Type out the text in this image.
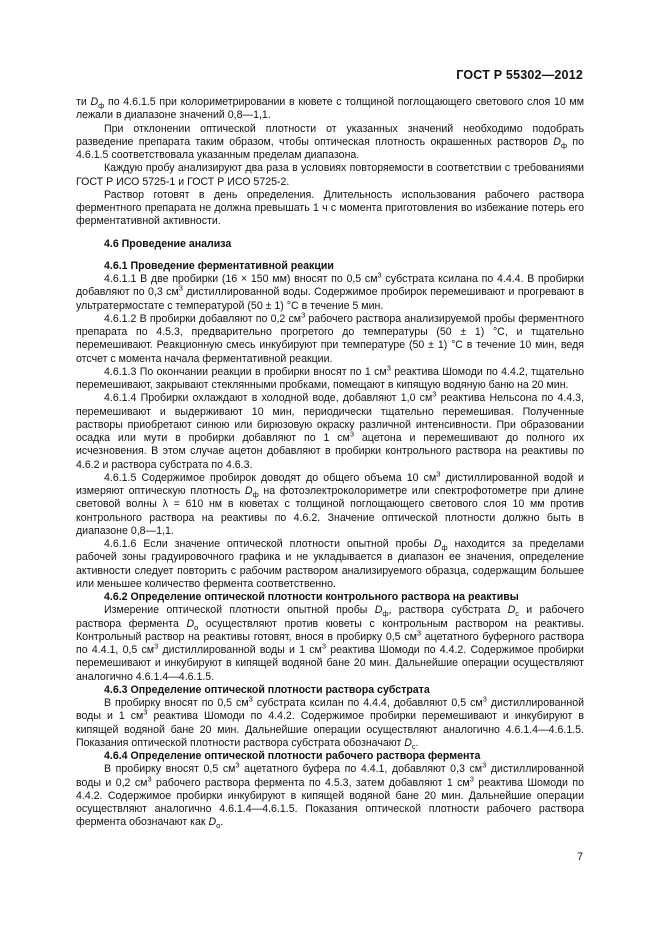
ГОСТ Р 55302—2012

ти $D_ф$ по 4.6.1.5 при колориметрировании в кювете с толщиной поглощающего светового слоя 10 мм лежали в диапазоне значений 0,8—1,1.

При отклонении оптической плотности от указанных значений необходимо подобрать разведение препарата таким образом, чтобы оптическая плотность окрашенных растворов $D_ф$ по 4.6.1.5 соответствовала указанным пределам диапазона.

Каждую пробу анализируют два раза в условиях повторяемости в соответствии с требованиями ГОСТ Р ИСО 5725-1 и ГОСТ Р ИСО 5725-2.

Раствор готовят в день определения. Длительность использования рабочего раствора ферментного препарата не должна превышать 1 ч с момента приготовления во избежание потерь его ферментативной активности.

4.6 Проведение анализа

4.6.1 Проведение ферментативной реакции

4.6.1.1 В две пробирки (16 × 150 мм) вносят по 0,5 $см^3$ субстрата ксилана по 4.4.4. В пробирки добавляют по 0,3 $см^3$ дистиллированной воды. Содержимое пробирок перемешивают и прогревают в ультратермостате с температурой (50 ± 1) °С в течение 5 мин.

4.6.1.2 В пробирки добавляют по 0,2 $см^3$ рабочего раствора анализируемой пробы ферментного препарата по 4.5.3, предварительно прогретого до температуры (50 ± 1) °С, и тщательно перемешивают. Реакционную смесь инкубируют при температуре (50 ± 1) °С в течение 10 мин, ведя отсчет с момента начала ферментативной реакции.

4.6.1.3 По окончании реакции в пробирки вносят по 1 $см^3$ реактива Шомоди по 4.4.2, тщательно перемешивают, закрывают стеклянными пробками, помещают в кипящую водяную баню на 20 мин.

4.6.1.4 Пробирки охлаждают в холодной воде, добавляют 1,0 $см^3$ реактива Нельсона по 4.4.3, перемешивают и выдерживают 10 мин, периодически тщательно перемешивая. Полученные растворы приобретают синюю или бирюзовую окраску различной интенсивности. При образовании осадка или мути в пробирки добавляют по 1 $см^3$ ацетона и перемешивают до полного их исчезновения. В этом случае ацетон добавляют в пробирки контрольного раствора на реактивы по 4.6.2 и раствора субстрата по 4.6.3.

4.6.1.5 Содержимое пробирок доводят до общего объема 10 $см^3$ дистиллированной водой и измеряют оптическую плотность $D_ф$ на фотоэлектроколориметре или спектрофотометре при длине световой волны λ = 610 нм в кюветах с толщиной поглощающего светового слоя 10 мм против контрольного раствора на реактивы по 4.6.2. Значение оптической плотности должно быть в диапазоне 0,8—1,1.

4.6.1.6 Если значение оптической плотности опытной пробы $D_ф$ находится за пределами рабочей зоны градуировочного графика и не укладывается в диапазон ее значения, определение активности следует повторить с рабочим раствором анализируемого образца, содержащим большее или меньшее количество фермента соответственно.

4.6.2 Определение оптической плотности контрольного раствора на реактивы

Измерение оптической плотности опытной пробы $D_ф$, раствора субстрата $D_с$ и рабочего раствора фермента $D_о$ осуществляют против кюветы с контрольным раствором на реактивы. Контрольный раствор на реактивы готовят, внося в пробирку 0,5 $см^3$ ацетатного буферного раствора по 4.4.1, 0,5 $см^3$ дистиллированной воды и 1 $см^3$ реактива Шомоди по 4.4.2. Содержимое пробирки перемешивают и инкубируют в кипящей водяной бане 20 мин. Дальнейшие операции осуществляют аналогично 4.6.1.4—4.6.1.5.

4.6.3 Определение оптической плотности раствора субстрата

В пробирку вносят по 0,5 $см^3$ субстрата ксилан по 4.4.4, добавляют 0,5 $см^3$ дистиллированной воды и 1 $см^3$ реактива Шомоди по 4.4.2. Содержимое пробирки перемешивают и инкубируют в кипящей водяной бане 20 мин. Дальнейшие операции осуществляют аналогично 4.6.1.4—4.6.1.5. Показания оптической плотности раствора субстрата обозначают $D_с$.

4.6.4 Определение оптической плотности рабочего раствора фермента

В пробирку вносят 0,5 $см^3$ ацетатного буфера по 4.4.1, добавляют 0,3 $см^3$ дистиллированной воды и 0,2 $см^3$ рабочего раствора фермента по 4.5.3, затем добавляют 1 $см^3$ реактива Шомоди по 4.4.2. Содержимое пробирки инкубируют в кипящей водяной бане 20 мин. Дальнейшие операции осуществляют аналогично 4.6.1.4—4.6.1.5. Показания оптической плотности рабочего раствора фермента обозначают как $D_о$.

7
